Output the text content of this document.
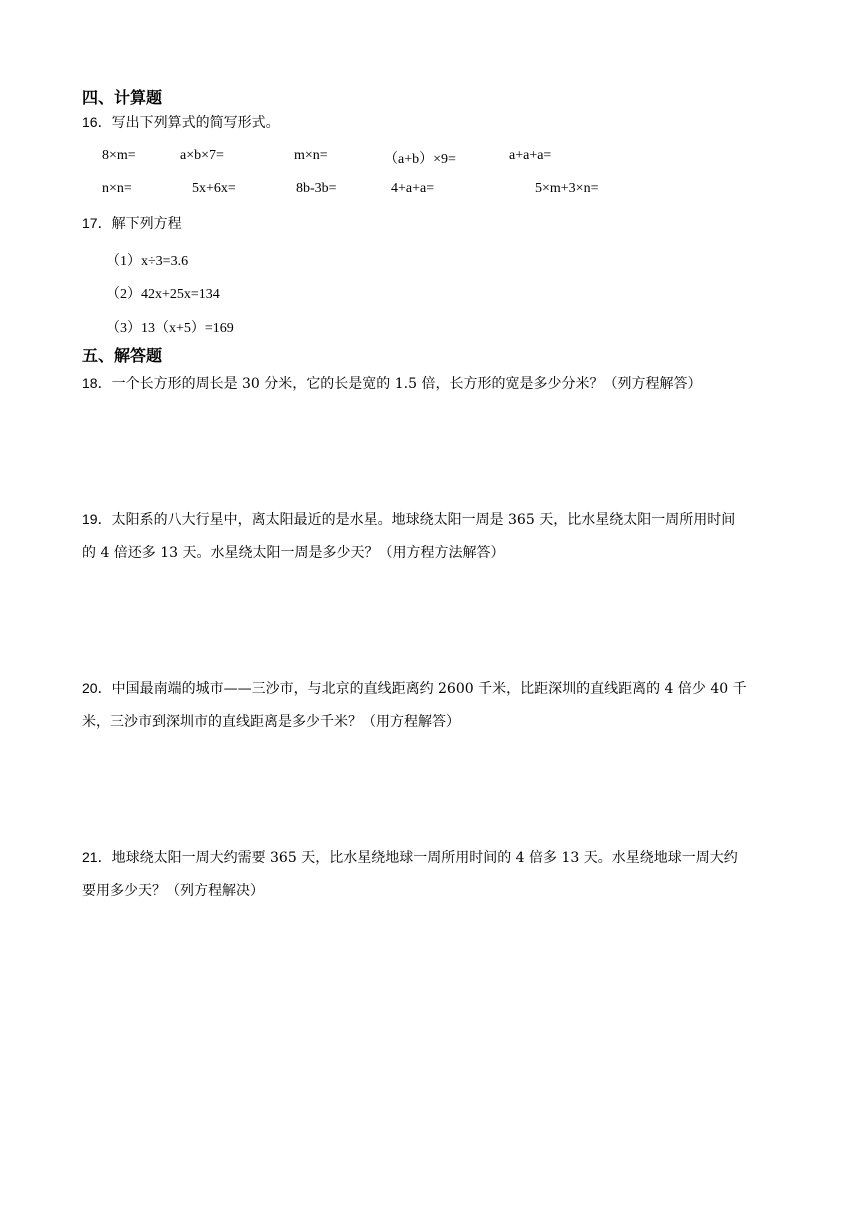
四、计算题
16．写出下列算式的简写形式。
8×m=	a×b×7=	m×n=	（a+b）×9=	a+a+a=
n×n=	5x+6x=	8b-3b=	4+a+a=	5×m+3×n=
17．解下列方程
（1）x÷3=3.6
（2）42x+25x=134
（3）13（x+5）=169
五、解答题
18．一个长方形的周长是 30 分米，它的长是宽的 1.5 倍，长方形的宽是多少分米？（列方程解答）
19．太阳系的八大行星中，离太阳最近的是水星。地球绕太阳一周是 365 天，比水星绕太阳一周所用时间
的 4 倍还多 13 天。水星绕太阳一周是多少天？（用方程方法解答）
20．中国最南端的城市——三沙市，与北京的直线距离约 2600 千米，比距深圳的直线距离的 4 倍少 40 千
米，三沙市到深圳市的直线距离是多少千米？（用方程解答）
21．地球绕太阳一周大约需要 365 天，比水星绕地球一周所用时间的 4 倍多 13 天。水星绕地球一周大约
要用多少天？（列方程解决）
